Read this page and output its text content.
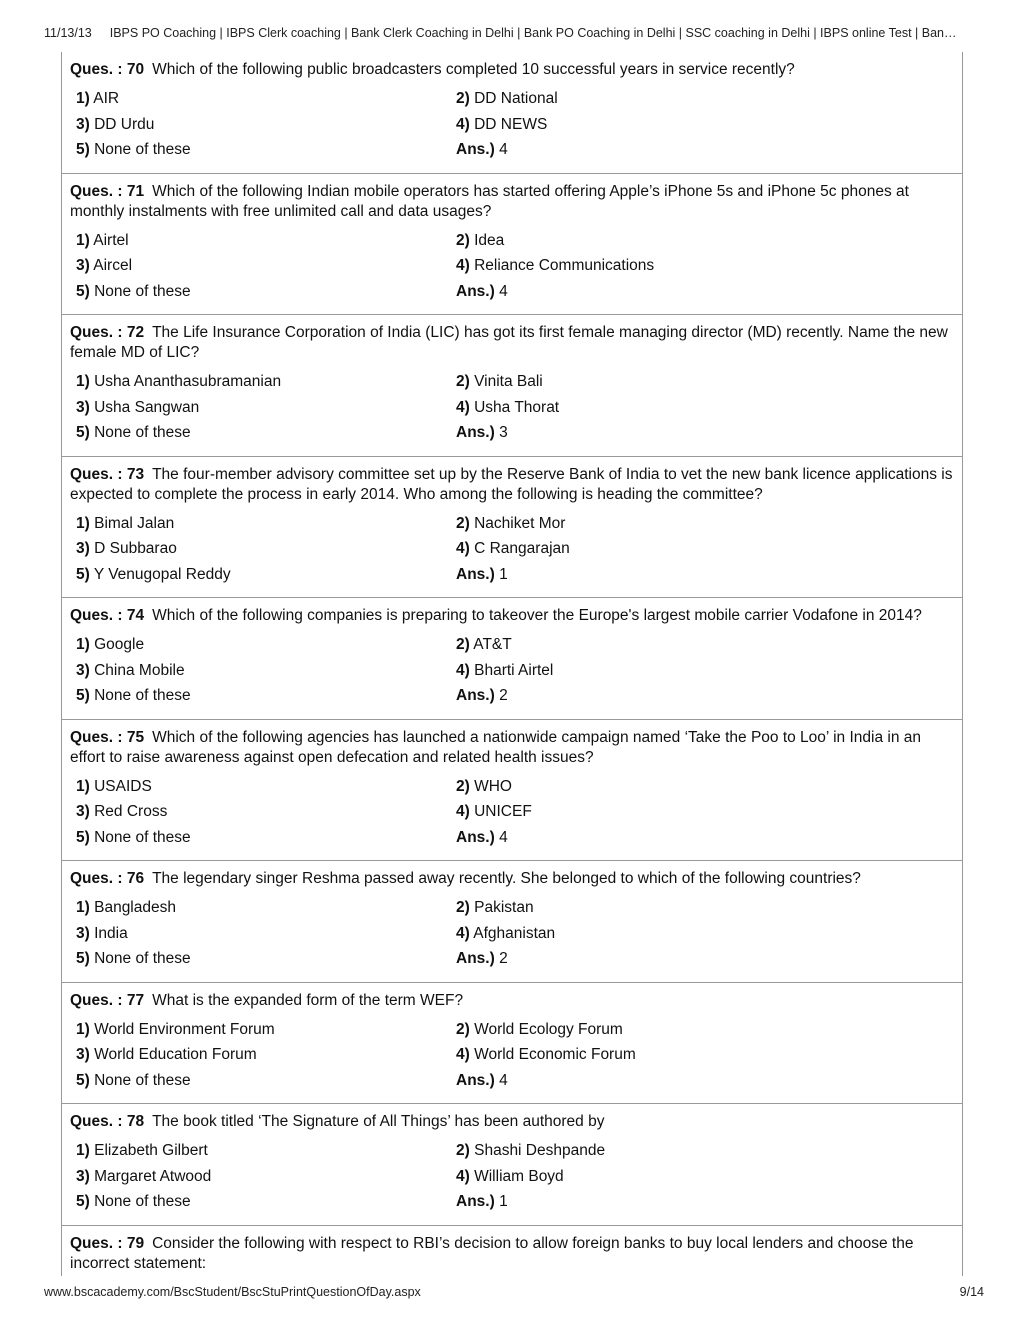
11/13/13 IBPS PO Coaching | IBPS Clerk coaching | Bank Clerk Coaching in Delhi | Bank PO Coaching in Delhi | SSC coaching in Delhi | IBPS online Test | Ban…
Ques. : 70 Which of the following public broadcasters completed 10 successful years in service recently?
1) AIR	2) DD National
3) DD Urdu	4) DD NEWS
5) None of these	Ans.) 4
Ques. : 71 Which of the following Indian mobile operators has started offering Apple’s iPhone 5s and iPhone 5c phones at monthly instalments with free unlimited call and data usages?
1) Airtel	2) Idea
3) Aircel	4) Reliance Communications
5) None of these	Ans.) 4
Ques. : 72 The Life Insurance Corporation of India (LIC) has got its first female managing director (MD) recently. Name the new female MD of LIC?
1) Usha Ananthasubramanian	2) Vinita Bali
3) Usha Sangwan	4) Usha Thorat
5) None of these	Ans.) 3
Ques. : 73 The four-member advisory committee set up by the Reserve Bank of India to vet the new bank licence applications is expected to complete the process in early 2014. Who among the following is heading the committee?
1) Bimal Jalan	2) Nachiket Mor
3) D Subbarao	4) C Rangarajan
5) Y Venugopal Reddy	Ans.) 1
Ques. : 74 Which of the following companies is preparing to takeover the Europe's largest mobile carrier Vodafone in 2014?
1) Google	2) AT&T
3) China Mobile	4) Bharti Airtel
5) None of these	Ans.) 2
Ques. : 75 Which of the following agencies has launched a nationwide campaign named ‘Take the Poo to Loo’ in India in an effort to raise awareness against open defecation and related health issues?
1) USAIDS	2) WHO
3) Red Cross	4) UNICEF
5) None of these	Ans.) 4
Ques. : 76 The legendary singer Reshma passed away recently. She belonged to which of the following countries?
1) Bangladesh	2) Pakistan
3) India	4) Afghanistan
5) None of these	Ans.) 2
Ques. : 77 What is the expanded form of the term WEF?
1) World Environment Forum	2) World Ecology Forum
3) World Education Forum	4) World Economic Forum
5) None of these	Ans.) 4
Ques. : 78 The book titled ‘The Signature of All Things’ has been authored by
1) Elizabeth Gilbert	2) Shashi Deshpande
3) Margaret Atwood	4) William Boyd
5) None of these	Ans.) 1
Ques. : 79 Consider the following with respect to RBI’s decision to allow foreign banks to buy local lenders and choose the incorrect statement:
www.bscacademy.com/BscStudent/BscStuPrintQuestionOfDay.aspx	9/14
